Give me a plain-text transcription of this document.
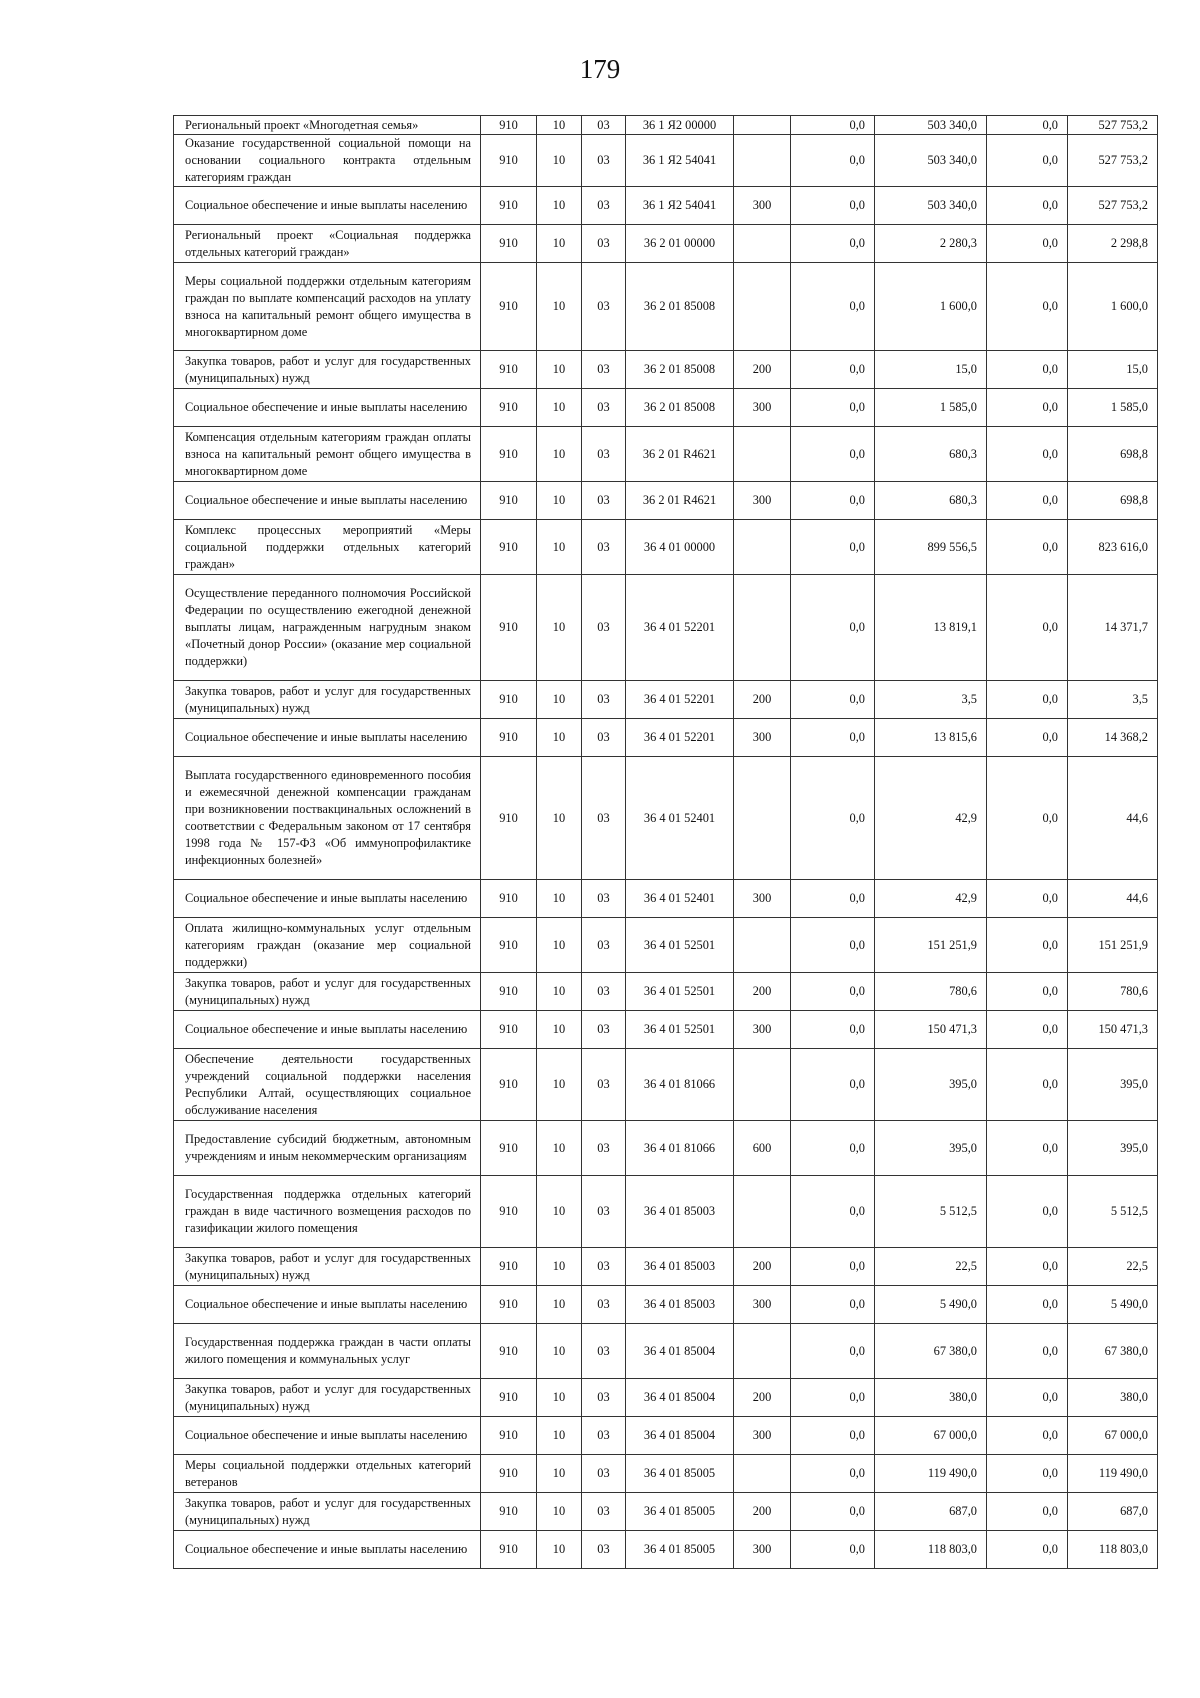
179
Региональный проект «Многодетная семья»	910	10	03	36 1 Я2 00000		0,0	503 340,0	0,0	527 753,2
Оказание государственной социальной помощи на основании социального контракта отдельным категориям граждан	910	10	03	36 1 Я2 54041		0,0	503 340,0	0,0	527 753,2
Социальное обеспечение и иные выплаты населению	910	10	03	36 1 Я2 54041	300	0,0	503 340,0	0,0	527 753,2
Региональный проект «Социальная поддержка отдельных категорий граждан»	910	10	03	36 2 01 00000		0,0	2 280,3	0,0	2 298,8
Меры социальной поддержки отдельным категориям граждан по выплате компенсаций расходов на уплату взноса на капитальный ремонт общего имущества в многоквартирном доме	910	10	03	36 2 01 85008		0,0	1 600,0	0,0	1 600,0
Закупка товаров, работ и услуг для государственных (муниципальных) нужд	910	10	03	36 2 01 85008	200	0,0	15,0	0,0	15,0
Социальное обеспечение и иные выплаты населению	910	10	03	36 2 01 85008	300	0,0	1 585,0	0,0	1 585,0
Компенсация отдельным категориям граждан оплаты взноса на капитальный ремонт общего имущества в многоквартирном доме	910	10	03	36 2 01 R4621		0,0	680,3	0,0	698,8
Социальное обеспечение и иные выплаты населению	910	10	03	36 2 01 R4621	300	0,0	680,3	0,0	698,8
Комплекс процессных мероприятий «Меры социальной поддержки отдельных категорий граждан»	910	10	03	36 4 01 00000		0,0	899 556,5	0,0	823 616,0
Осуществление переданного полномочия Российской Федерации по осуществлению ежегодной денежной выплаты лицам, награжденным нагрудным знаком «Почетный донор России» (оказание мер социальной поддержки)	910	10	03	36 4 01 52201		0,0	13 819,1	0,0	14 371,7
Закупка товаров, работ и услуг для государственных (муниципальных) нужд	910	10	03	36 4 01 52201	200	0,0	3,5	0,0	3,5
Социальное обеспечение и иные выплаты населению	910	10	03	36 4 01 52201	300	0,0	13 815,6	0,0	14 368,2
Выплата государственного единовременного пособия и ежемесячной денежной компенсации гражданам при возникновении поствакцинальных осложнений в соответствии с Федеральным законом от 17 сентября 1998 года № 157-ФЗ «Об иммунопрофилактике инфекционных болезней»	910	10	03	36 4 01 52401		0,0	42,9	0,0	44,6
Социальное обеспечение и иные выплаты населению	910	10	03	36 4 01 52401	300	0,0	42,9	0,0	44,6
Оплата жилищно-коммунальных услуг отдельным категориям граждан (оказание мер социальной поддержки)	910	10	03	36 4 01 52501		0,0	151 251,9	0,0	151 251,9
Закупка товаров, работ и услуг для государственных (муниципальных) нужд	910	10	03	36 4 01 52501	200	0,0	780,6	0,0	780,6
Социальное обеспечение и иные выплаты населению	910	10	03	36 4 01 52501	300	0,0	150 471,3	0,0	150 471,3
Обеспечение деятельности государственных учреждений социальной поддержки населения Республики Алтай, осуществляющих социальное обслуживание населения	910	10	03	36 4 01 81066		0,0	395,0	0,0	395,0
Предоставление субсидий бюджетным, автономным учреждениям и иным некоммерческим организациям	910	10	03	36 4 01 81066	600	0,0	395,0	0,0	395,0
Государственная поддержка отдельных категорий граждан в виде частичного возмещения расходов по газификации жилого помещения	910	10	03	36 4 01 85003		0,0	5 512,5	0,0	5 512,5
Закупка товаров, работ и услуг для государственных (муниципальных) нужд	910	10	03	36 4 01 85003	200	0,0	22,5	0,0	22,5
Социальное обеспечение и иные выплаты населению	910	10	03	36 4 01 85003	300	0,0	5 490,0	0,0	5 490,0
Государственная поддержка граждан в части оплаты жилого помещения и коммунальных услуг	910	10	03	36 4 01 85004		0,0	67 380,0	0,0	67 380,0
Закупка товаров, работ и услуг для государственных (муниципальных) нужд	910	10	03	36 4 01 85004	200	0,0	380,0	0,0	380,0
Социальное обеспечение и иные выплаты населению	910	10	03	36 4 01 85004	300	0,0	67 000,0	0,0	67 000,0
Меры социальной поддержки отдельных категорий ветеранов	910	10	03	36 4 01 85005		0,0	119 490,0	0,0	119 490,0
Закупка товаров, работ и услуг для государственных (муниципальных) нужд	910	10	03	36 4 01 85005	200	0,0	687,0	0,0	687,0
Социальное обеспечение и иные выплаты населению	910	10	03	36 4 01 85005	300	0,0	118 803,0	0,0	118 803,0
